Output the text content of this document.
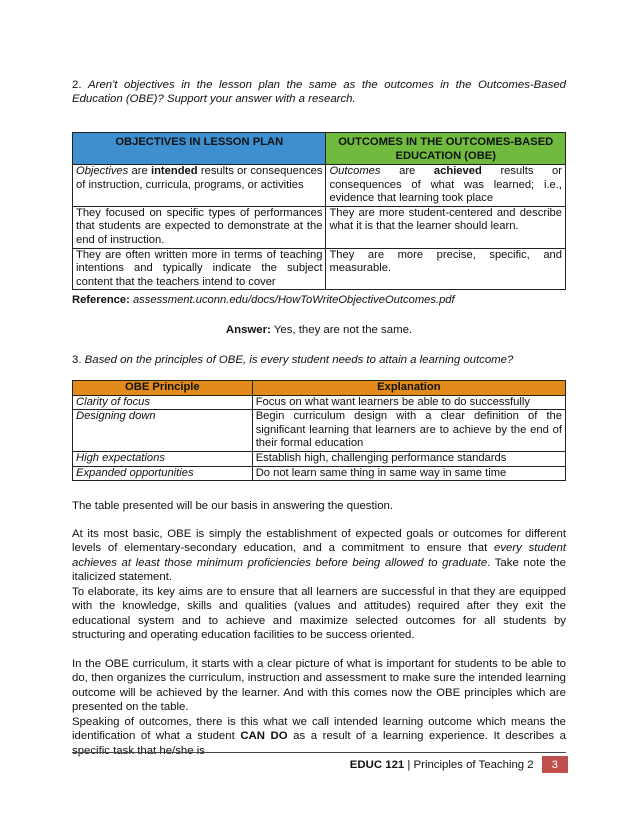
2. Aren't objectives in the lesson plan the same as the outcomes in the Outcomes-Based Education (OBE)? Support your answer with a research.
OBJECTIVES IN LESSON PLAN	OUTCOMES IN THE OUTCOMES-BASED EDUCATION (OBE)
Objectives are intended results or consequences of instruction, curricula, programs, or activities	Outcomes are achieved results or consequences of what was learned; i.e., evidence that learning took place
They focused on specific types of performances that students are expected to demonstrate at the end of instruction.	They are more student-centered and describe what it is that the learner should learn.
They are often written more in terms of teaching intentions and typically indicate the subject content that the teachers intend to cover	They are more precise, specific, and measurable.
Reference: assessment.uconn.edu/docs/HowToWriteObjectiveOutcomes.pdf
Answer: Yes, they are not the same.
3. Based on the principles of OBE, is every student needs to attain a learning outcome?
OBE Principle	Explanation
Clarity of focus	Focus on what want learners be able to do successfully
Designing down	Begin curriculum design with a clear definition of the significant learning that learners are to achieve by the end of their formal education
High expectations	Establish high, challenging performance standards
Expanded opportunities	Do not learn same thing in same way in same time
The table presented will be our basis in answering the question.
At its most basic, OBE is simply the establishment of expected goals or outcomes for different levels of elementary-secondary education, and a commitment to ensure that every student achieves at least those minimum proficiencies before being allowed to graduate. Take note the italicized statement.
To elaborate, its key aims are to ensure that all learners are successful in that they are equipped with the knowledge, skills and qualities (values and attitudes) required after they exit the educational system and to achieve and maximize selected outcomes for all students by structuring and operating education facilities to be success oriented.
In the OBE curriculum, it starts with a clear picture of what is important for students to be able to do, then organizes the curriculum, instruction and assessment to make sure the intended learning outcome will be achieved by the learner. And with this comes now the OBE principles which are presented on the table.
Speaking of outcomes, there is this what we call intended learning outcome which means the identification of what a student CAN DO as a result of a learning experience. It describes a specific task that he/she is
EDUC 121 | Principles of Teaching 2	3
